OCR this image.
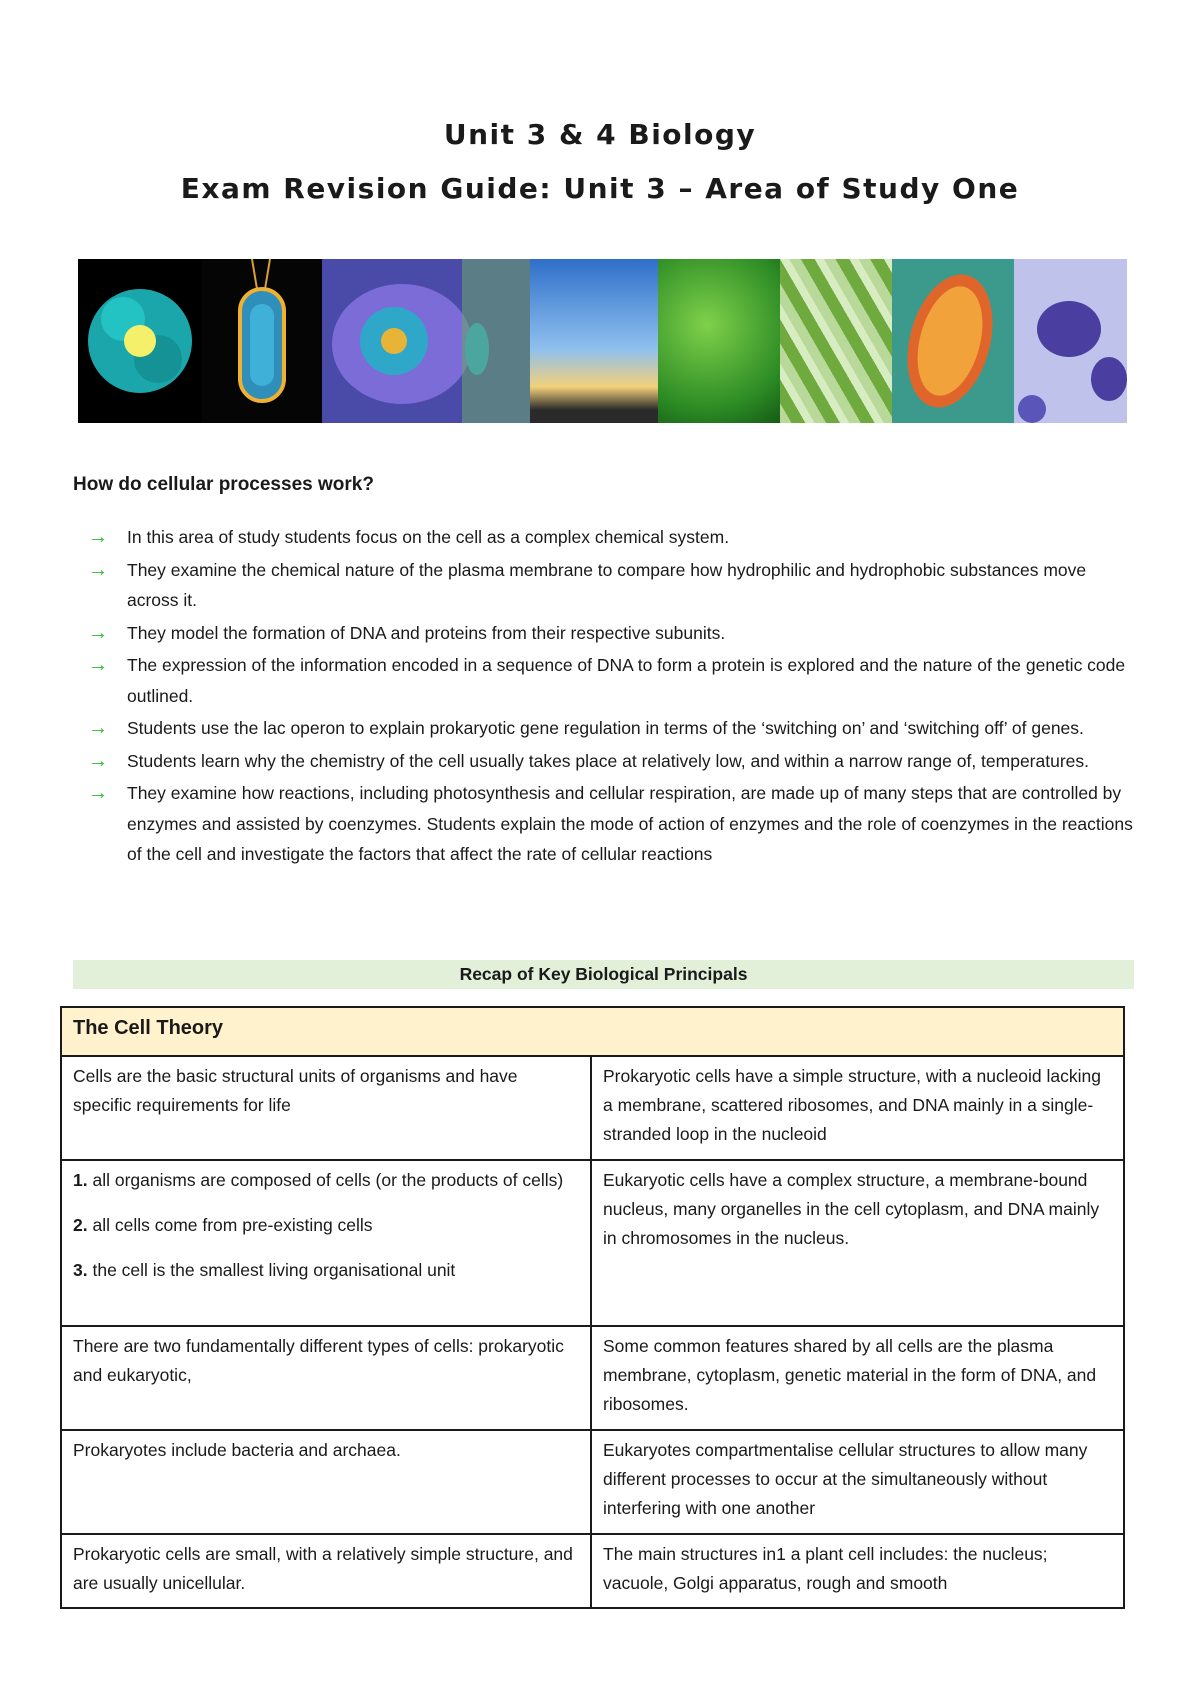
Unit 3 & 4 Biology
Exam Revision Guide: Unit 3 – Area of Study One
How do cellular processes work?
→ In this area of study students focus on the cell as a complex chemical system.
→ They examine the chemical nature of the plasma membrane to compare how hydrophilic and hydrophobic substances move across it.
→ They model the formation of DNA and proteins from their respective subunits.
→ The expression of the information encoded in a sequence of DNA to form a protein is explored and the nature of the genetic code outlined.
→ Students use the lac operon to explain prokaryotic gene regulation in terms of the ‘switching on’ and ‘switching off’ of genes.
→ Students learn why the chemistry of the cell usually takes place at relatively low, and within a narrow range of, temperatures.
→ They examine how reactions, including photosynthesis and cellular respiration, are made up of many steps that are controlled by enzymes and assisted by coenzymes. Students explain the mode of action of enzymes and the role of coenzymes in the reactions of the cell and investigate the factors that affect the rate of cellular reactions
Recap of Key Biological Principals
The Cell Theory	
Cells are the basic structural units of organisms and have specific requirements for life	Prokaryotic cells have a simple structure, with a nucleoid lacking a membrane, scattered ribosomes, and DNA mainly in a single-stranded loop in the nucleoid

1. all organisms are composed of cells (or the products of cells)

2. all cells come from pre-existing cells

3. the cell is the smallest living organisational unit	Eukaryotic cells have a complex structure, a membrane-bound nucleus, many organelles in the cell cytoplasm, and DNA mainly in chromosomes in the nucleus.
There are two fundamentally different types of cells: prokaryotic and eukaryotic,	Some common features shared by all cells are the plasma membrane, cytoplasm, genetic material in the form of DNA, and ribosomes.
Prokaryotes include bacteria and archaea.	Eukaryotes compartmentalise cellular structures to allow many different processes to occur at the simultaneously without interfering with one another
Prokaryotic cells are small, with a relatively simple structure, and are usually unicellular.	The main structures in1 a plant cell includes: the nucleus; vacuole, Golgi apparatus, rough and smooth
